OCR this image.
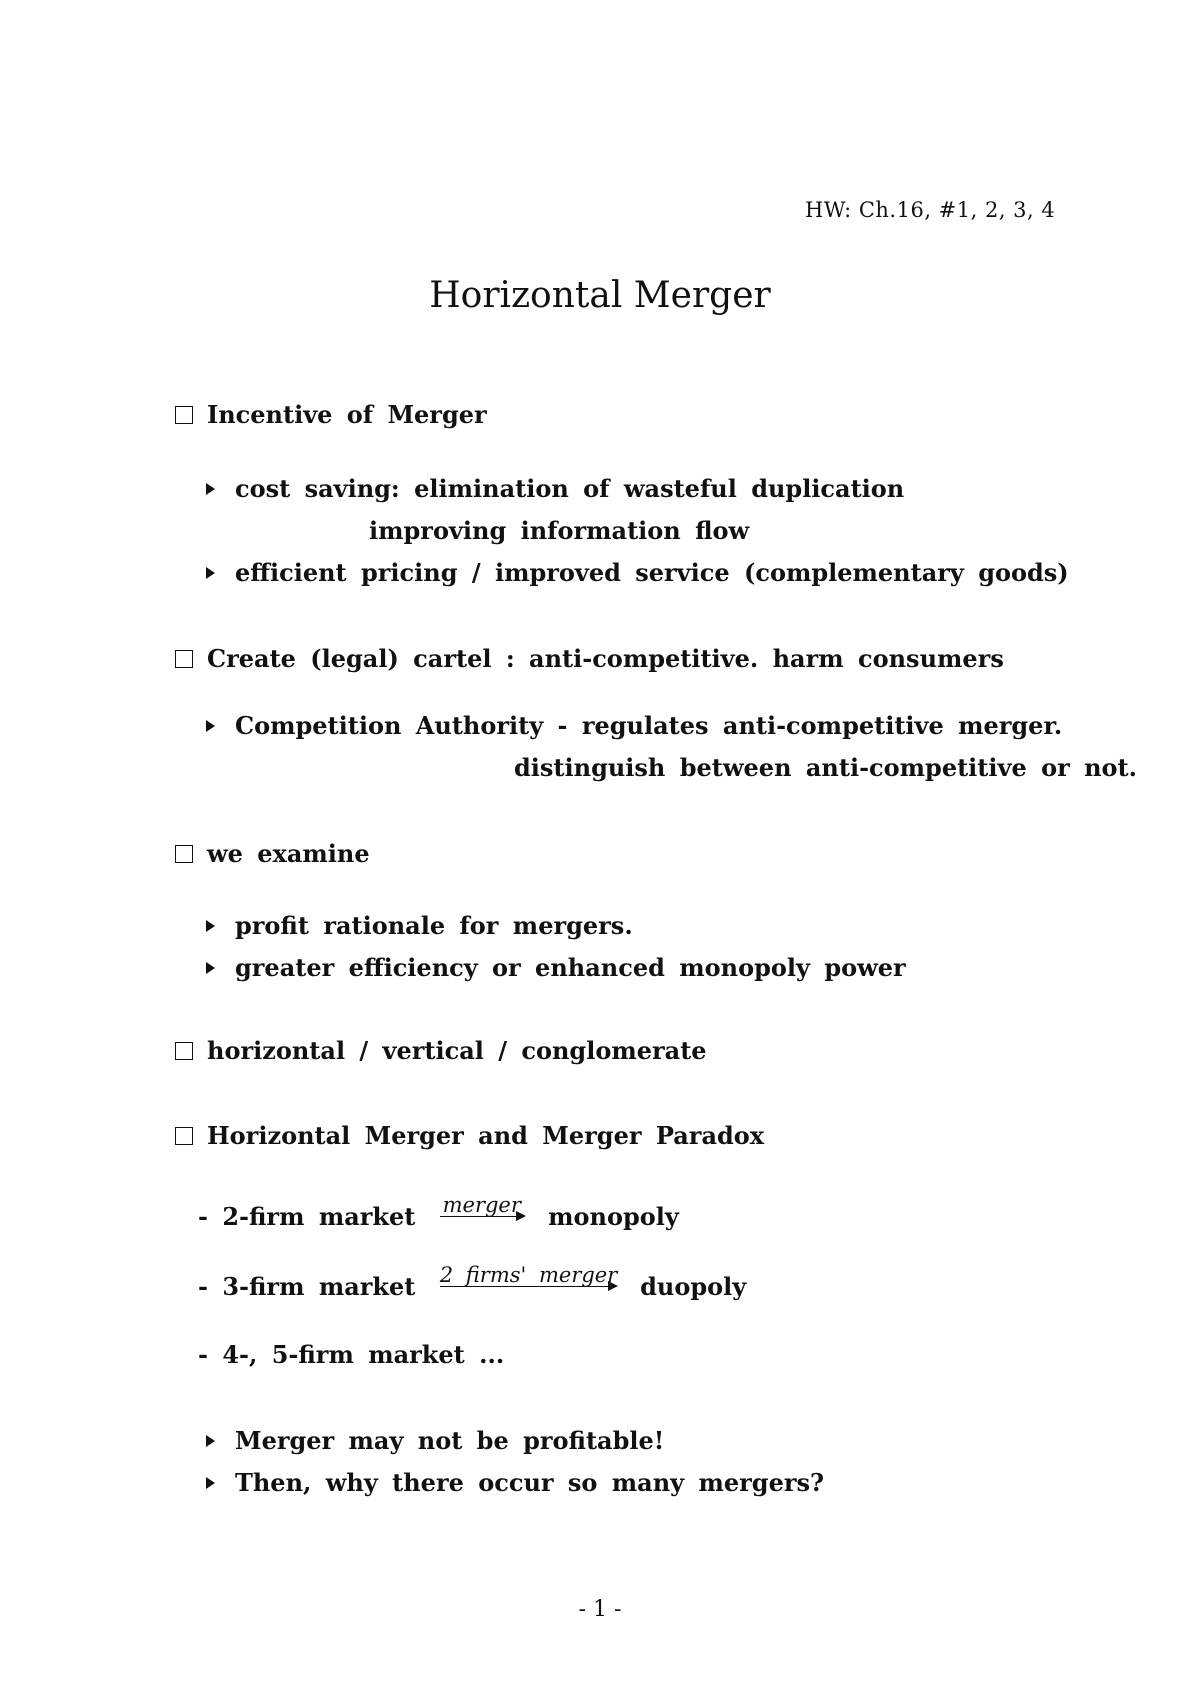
HW: Ch.16, #1, 2, 3, 4
Horizontal Merger
Incentive of Merger
cost saving: elimination of wasteful duplication
improving information flow
efficient pricing / improved service (complementary goods)
Create (legal) cartel : anti-competitive. harm consumers
Competition Authority - regulates anti-competitive merger.
distinguish between anti-competitive or not.
we examine
profit rationale for mergers.
greater efficiency or enhanced monopoly power
horizontal / vertical / conglomerate
Horizontal Merger and Merger Paradox
- 2-firm market merger monopoly
- 3-firm market 2 firms' merger duopoly
- 4-, 5-firm market ...
Merger may not be profitable!
Then, why there occur so many mergers?
- 1 -
